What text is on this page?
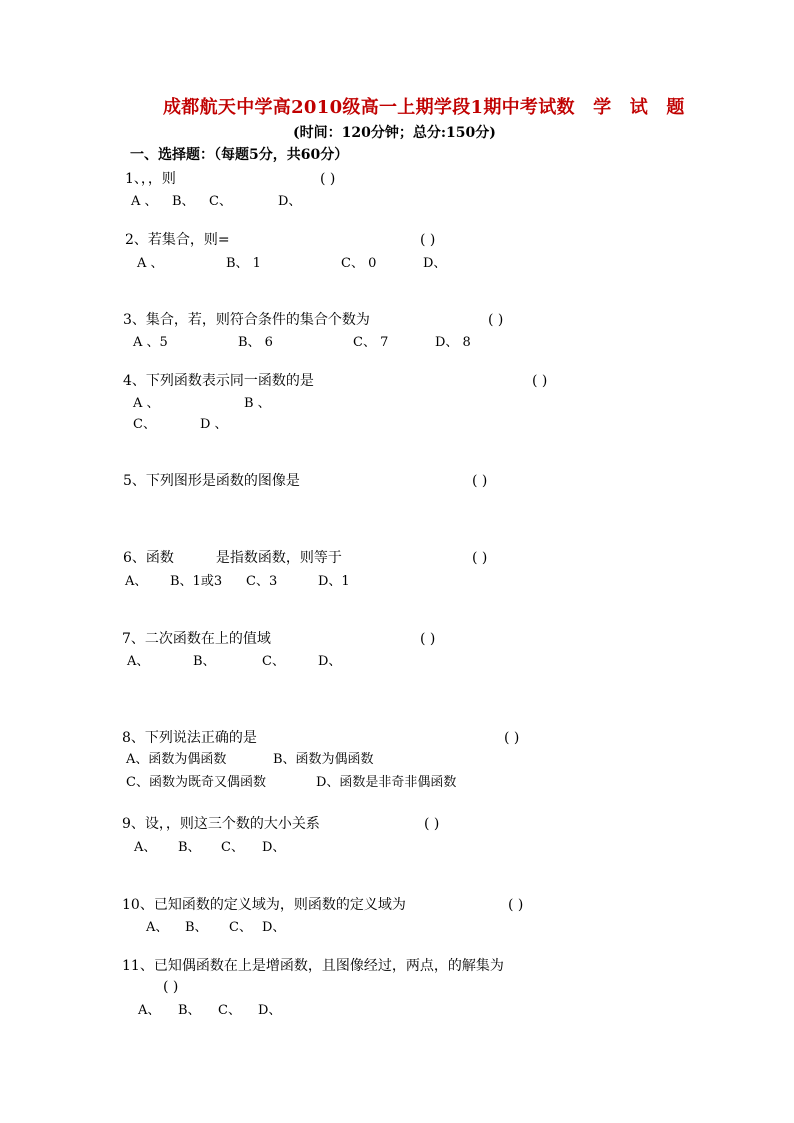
成都航天中学高2010级高一上期学段1期中考试数　学　试　题
(时间：120分钟；总分:150分)
一、选择题：（每题5分，共60分）
1、，，则	( )
A 、 B、 C、	D、
2、若集合，则=	( )
A 、	B、 1	C、 0	D、
3、集合，若，则符合条件的集合个数为	( )
A 、5	B、 6	C、 7	D、 8
4、下列函数表示同一函数的是	( )
A 、	B 、
C、	D 、
5、下列图形是函数的图像是	( )
6、函数　　　是指数函数，则等于	( )
A、 B、1或3 C、3	D、1
7、二次函数在上的值域	( )
A、	B、	C、	D、
8、下列说法正确的是	( )
A、函数为偶函数	B、函数为偶函数
C、函数为既奇又偶函数	D、函数是非奇非偶函数
9、设，，则这三个数的大小关系	( )
A、 B、 C、 D、
10、已知函数的定义域为，则函数的定义域为	( )
A、 B、 C、 D、
11、已知偶函数在上是增函数，且图像经过，两点，的解集为
( )
A、 B、 C、 D、
